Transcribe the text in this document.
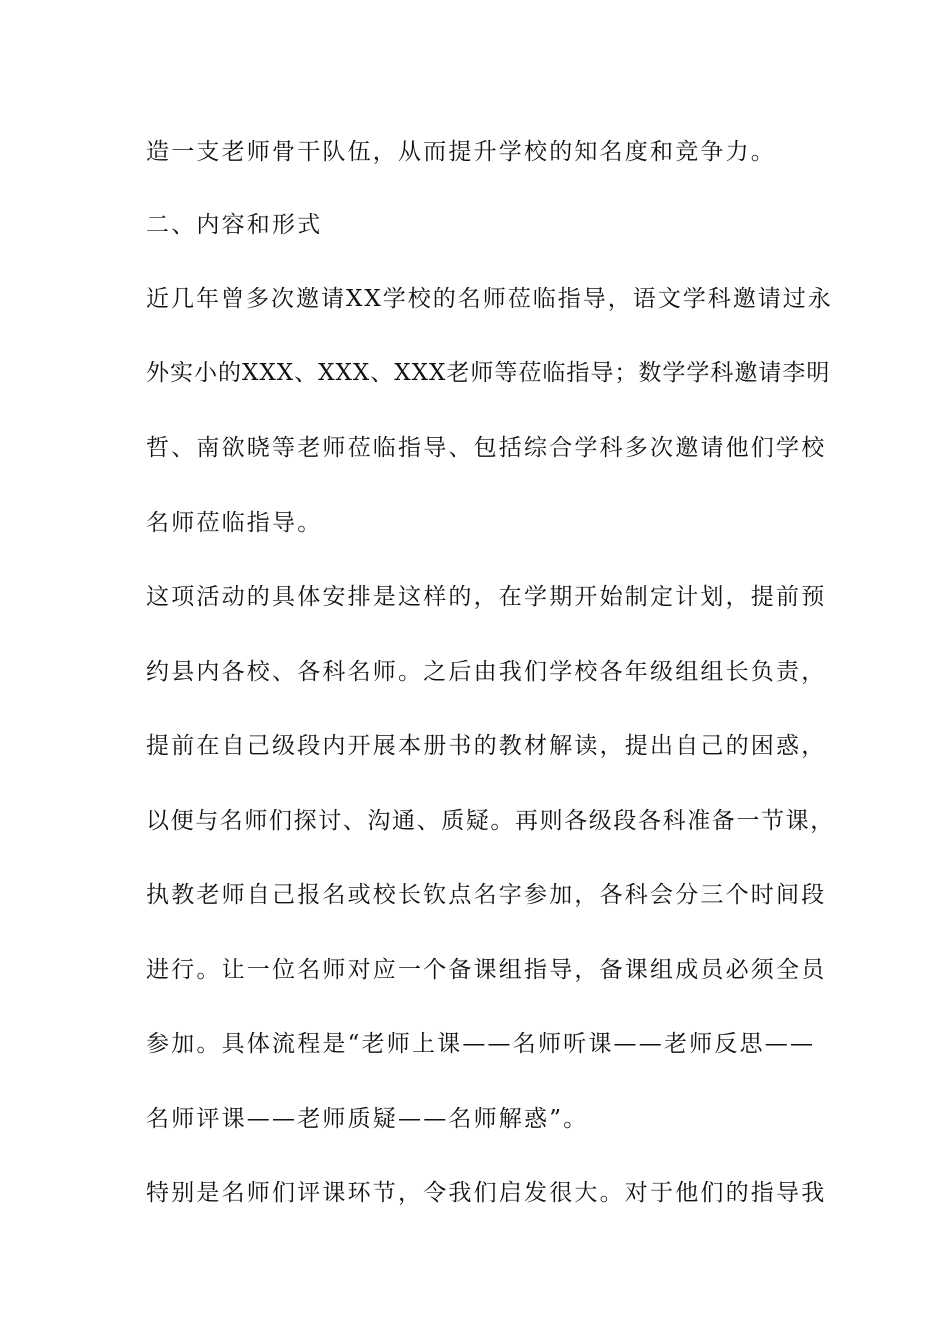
造一支老师骨干队伍，从而提升学校的知名度和竞争力。
二、内容和形式
近几年曾多次邀请XX学校的名师莅临指导，语文学科邀请过永
外实小的XXX、XXX、XXX老师等莅临指导；数学学科邀请李明
哲、南欲晓等老师莅临指导、包括综合学科多次邀请他们学校
名师莅临指导。
这项活动的具体安排是这样的，在学期开始制定计划，提前预
约县内各校、各科名师。之后由我们学校各年级组组长负责，
提前在自己级段内开展本册书的教材解读，提出自己的困惑，
以便与名师们探讨、沟通、质疑。再则各级段各科准备一节课，
执教老师自己报名或校长钦点名字参加，各科会分三个时间段
进行。让一位名师对应一个备课组指导，备课组成员必须全员
参加。具体流程是“老师上课——名师听课——老师反思——
名师评课——老师质疑——名师解惑”。
特别是名师们评课环节，令我们启发很大。对于他们的指导我
